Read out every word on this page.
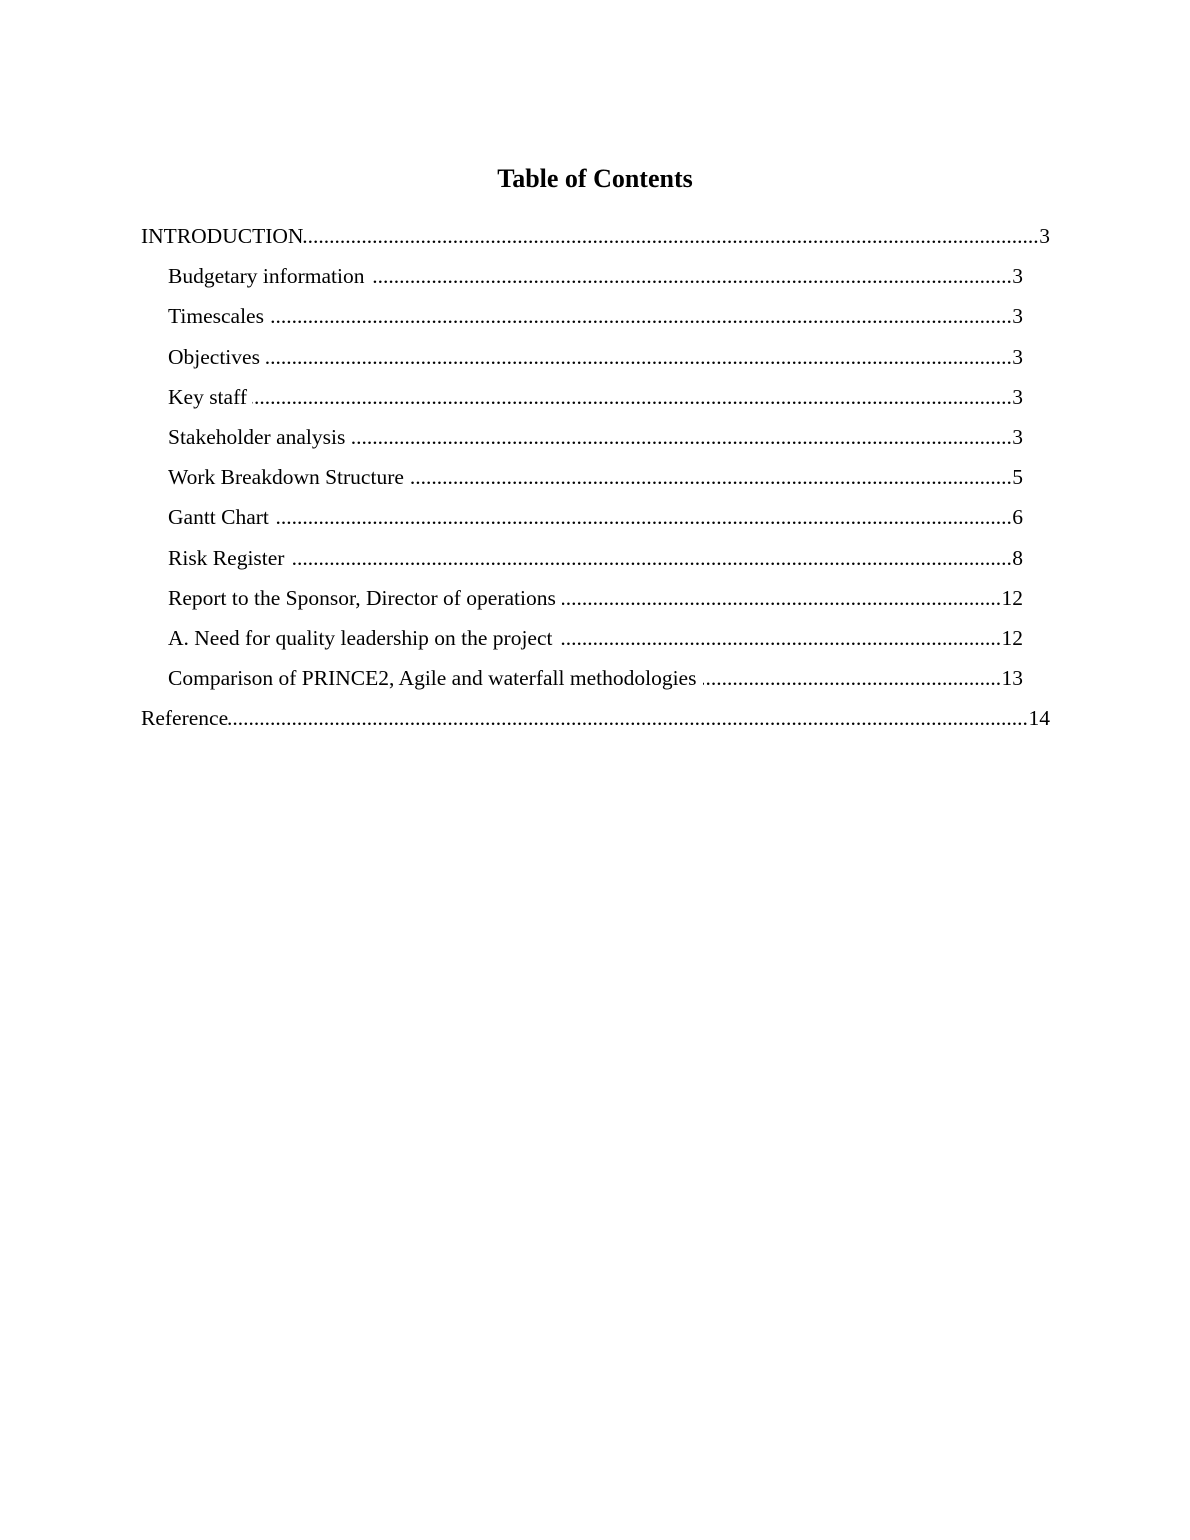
Table of Contents
.....
INTRODUCTION	3
.....
Budgetary information	3
.....
Timescales	3
.....
Objectives	3
.....
Key staff	3
.....
Stakeholder analysis	3
.....
Work Breakdown Structure	5
.....
Gantt Chart	6
.....
Risk Register	8
.....
Report to the Sponsor, Director of operations	12
.....
A. Need for quality leadership on the project	12
.....
Comparison of PRINCE2, Agile and waterfall methodologies	13
.....
Reference	14
